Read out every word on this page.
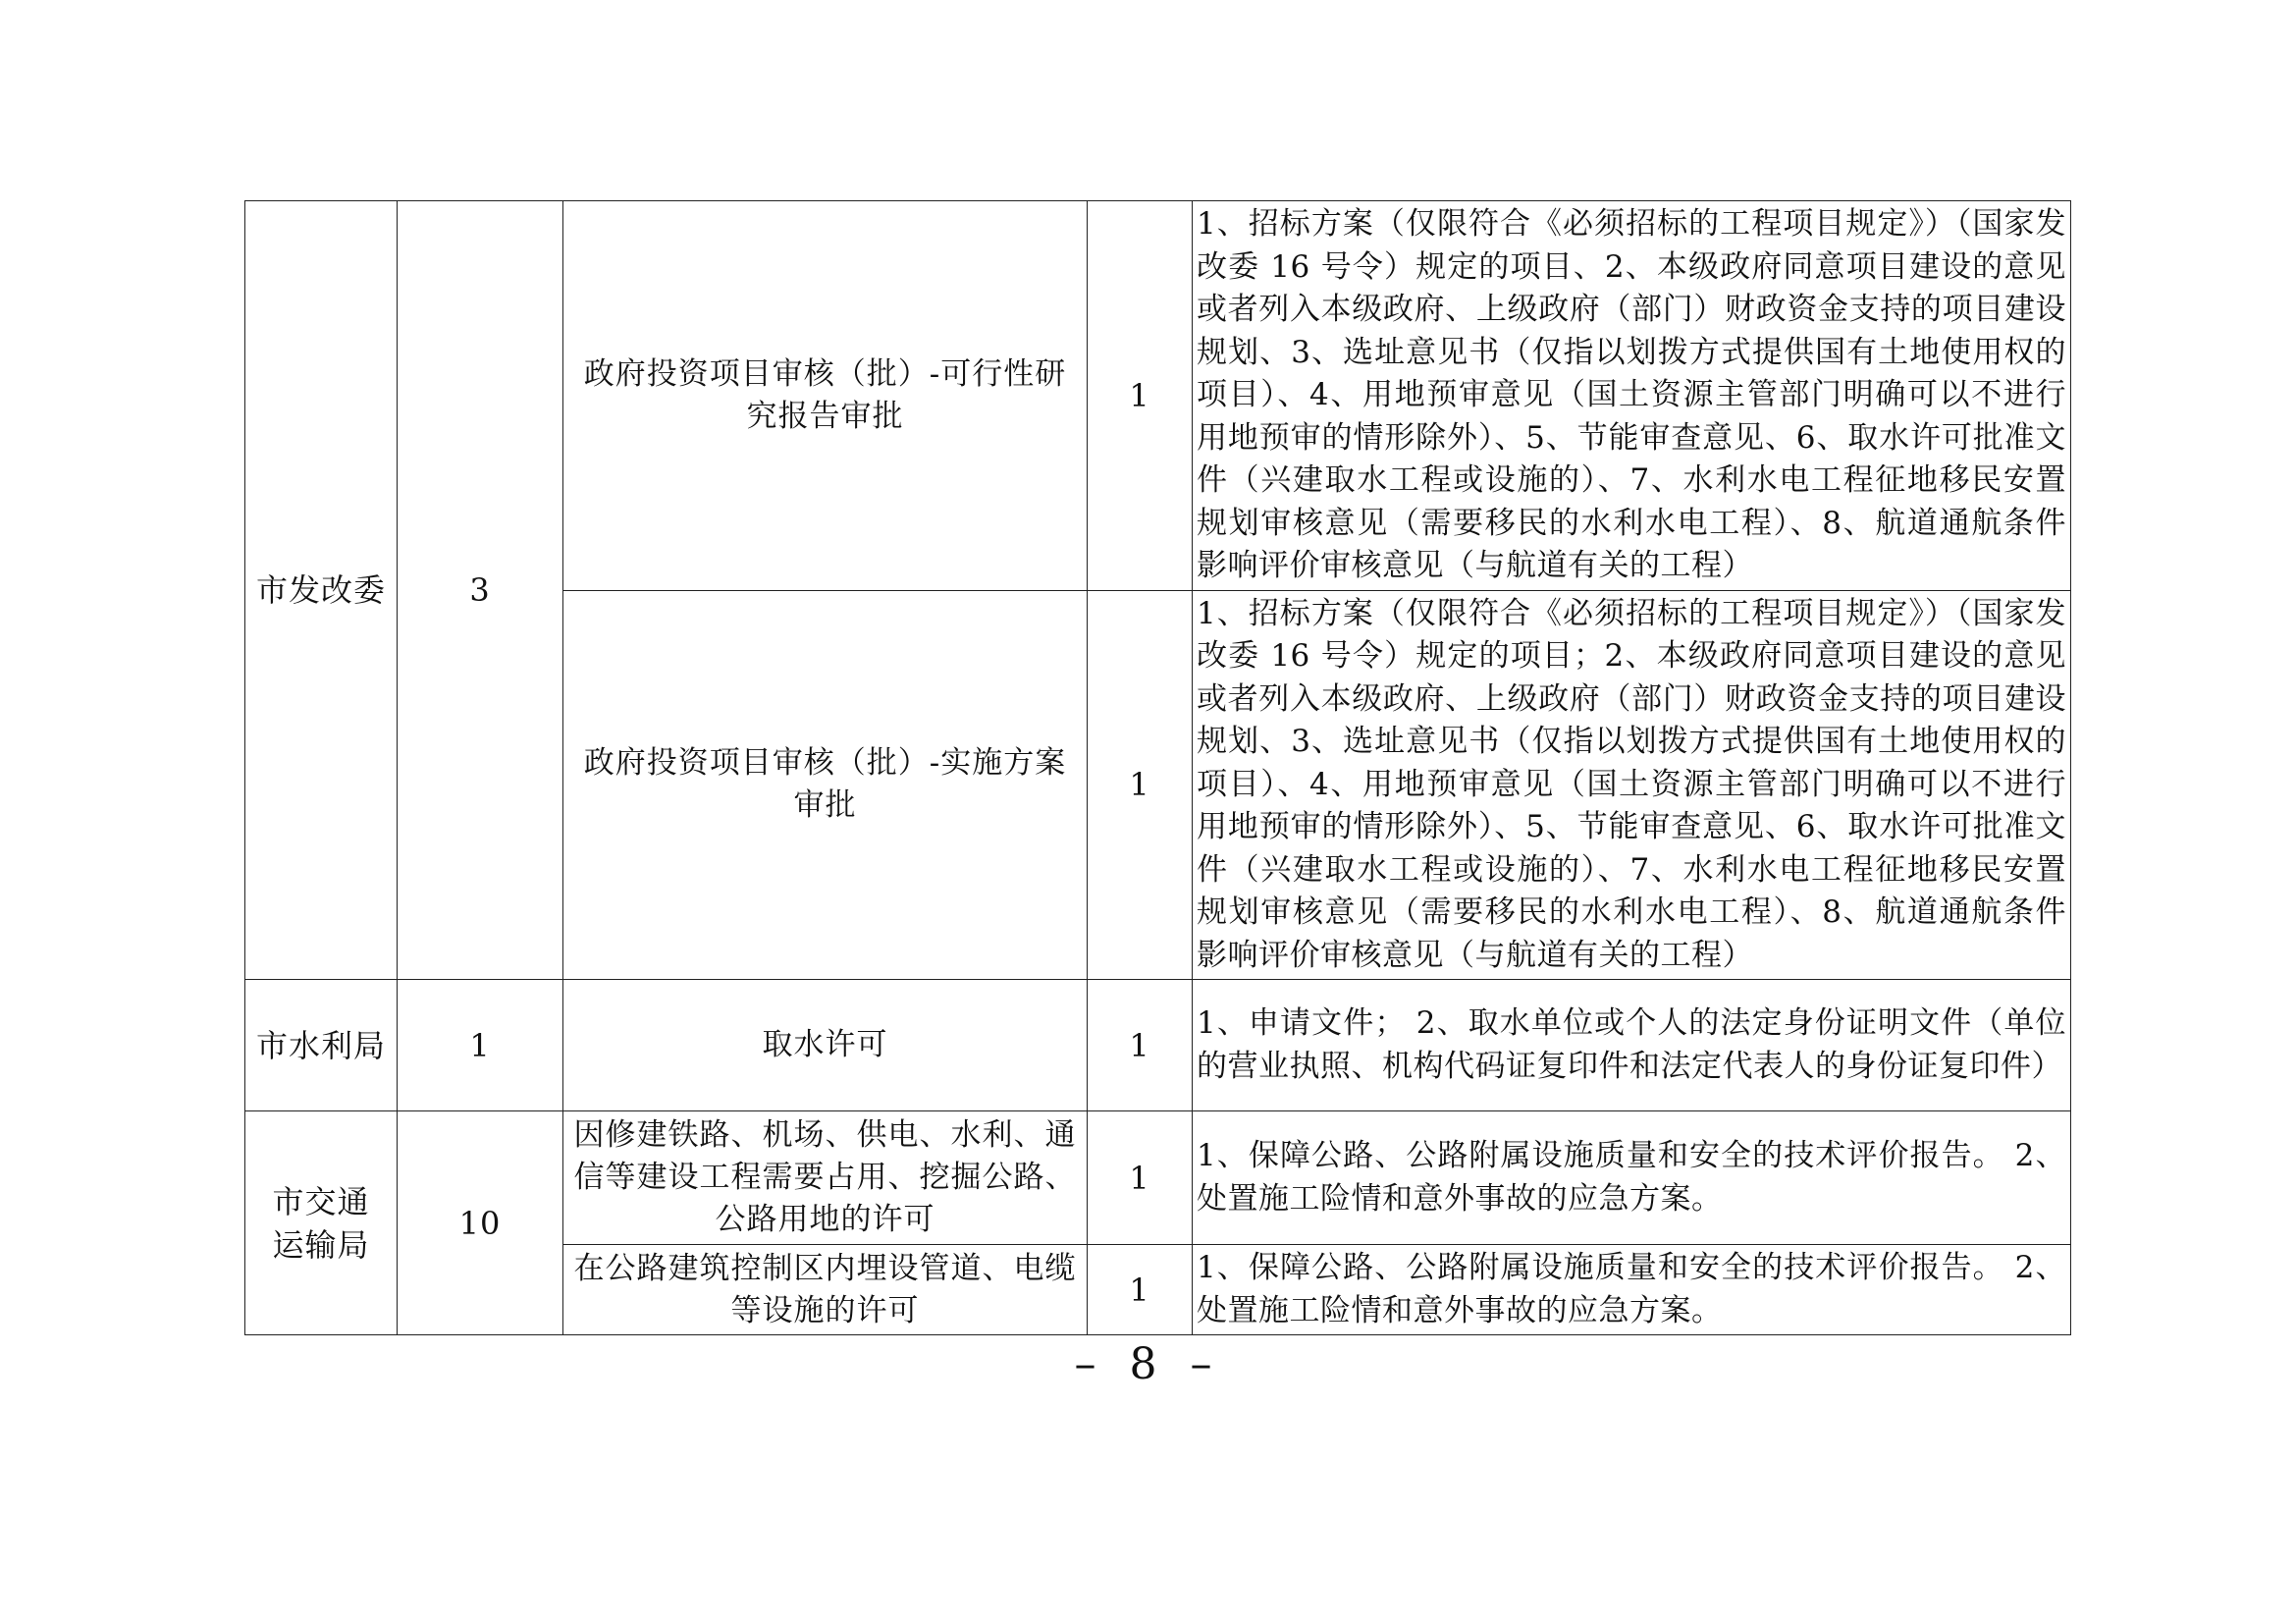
市发改委	3	政府投资项目审核（批）-可行性研究报告审批	1	1、招标方案（仅限符合《必须招标的工程项目规定》）（国家发改委 16 号令）规定的项目、2、本级政府同意项目建设的意见或者列入本级政府、上级政府（部门）财政资金支持的项目建设规划、3、选址意见书（仅指以划拨方式提供国有土地使用权的项目）、4、用地预审意见（国土资源主管部门明确可以不进行用地预审的情形除外）、5、节能审查意见、6、取水许可批准文件（兴建取水工程或设施的）、7、水利水电工程征地移民安置规划审核意见（需要移民的水利水电工程）、8、航道通航条件影响评价审核意见（与航道有关的工程）

		政府投资项目审核（批）-实施方案审批	1	1、招标方案（仅限符合《必须招标的工程项目规定》）（国家发改委 16 号令）规定的项目；2、本级政府同意项目建设的意见或者列入本级政府、上级政府（部门）财政资金支持的项目建设规划、3、选址意见书（仅指以划拨方式提供国有土地使用权的项目）、4、用地预审意见（国土资源主管部门明确可以不进行用地预审的情形除外）、5、节能审查意见、6、取水许可批准文件（兴建取水工程或设施的）、7、水利水电工程征地移民安置规划审核意见（需要移民的水利水电工程）、8、航道通航条件影响评价审核意见（与航道有关的工程）

市水利局	1	取水许可	1	1、申请文件； 2、取水单位或个人的法定身份证明文件（单位的营业执照、机构代码证复印件和法定代表人的身份证复印件）

市交通运输局	10	因修建铁路、机场、供电、水利、通信等建设工程需要占用、挖掘公路、公路用地的许可	1	1、保障公路、公路附属设施质量和安全的技术评价报告。 2、处置施工险情和意外事故的应急方案。

		在公路建筑控制区内埋设管道、电缆等设施的许可	1	1、保障公路、公路附属设施质量和安全的技术评价报告。 2、处置施工险情和意外事故的应急方案。
– 8 –
